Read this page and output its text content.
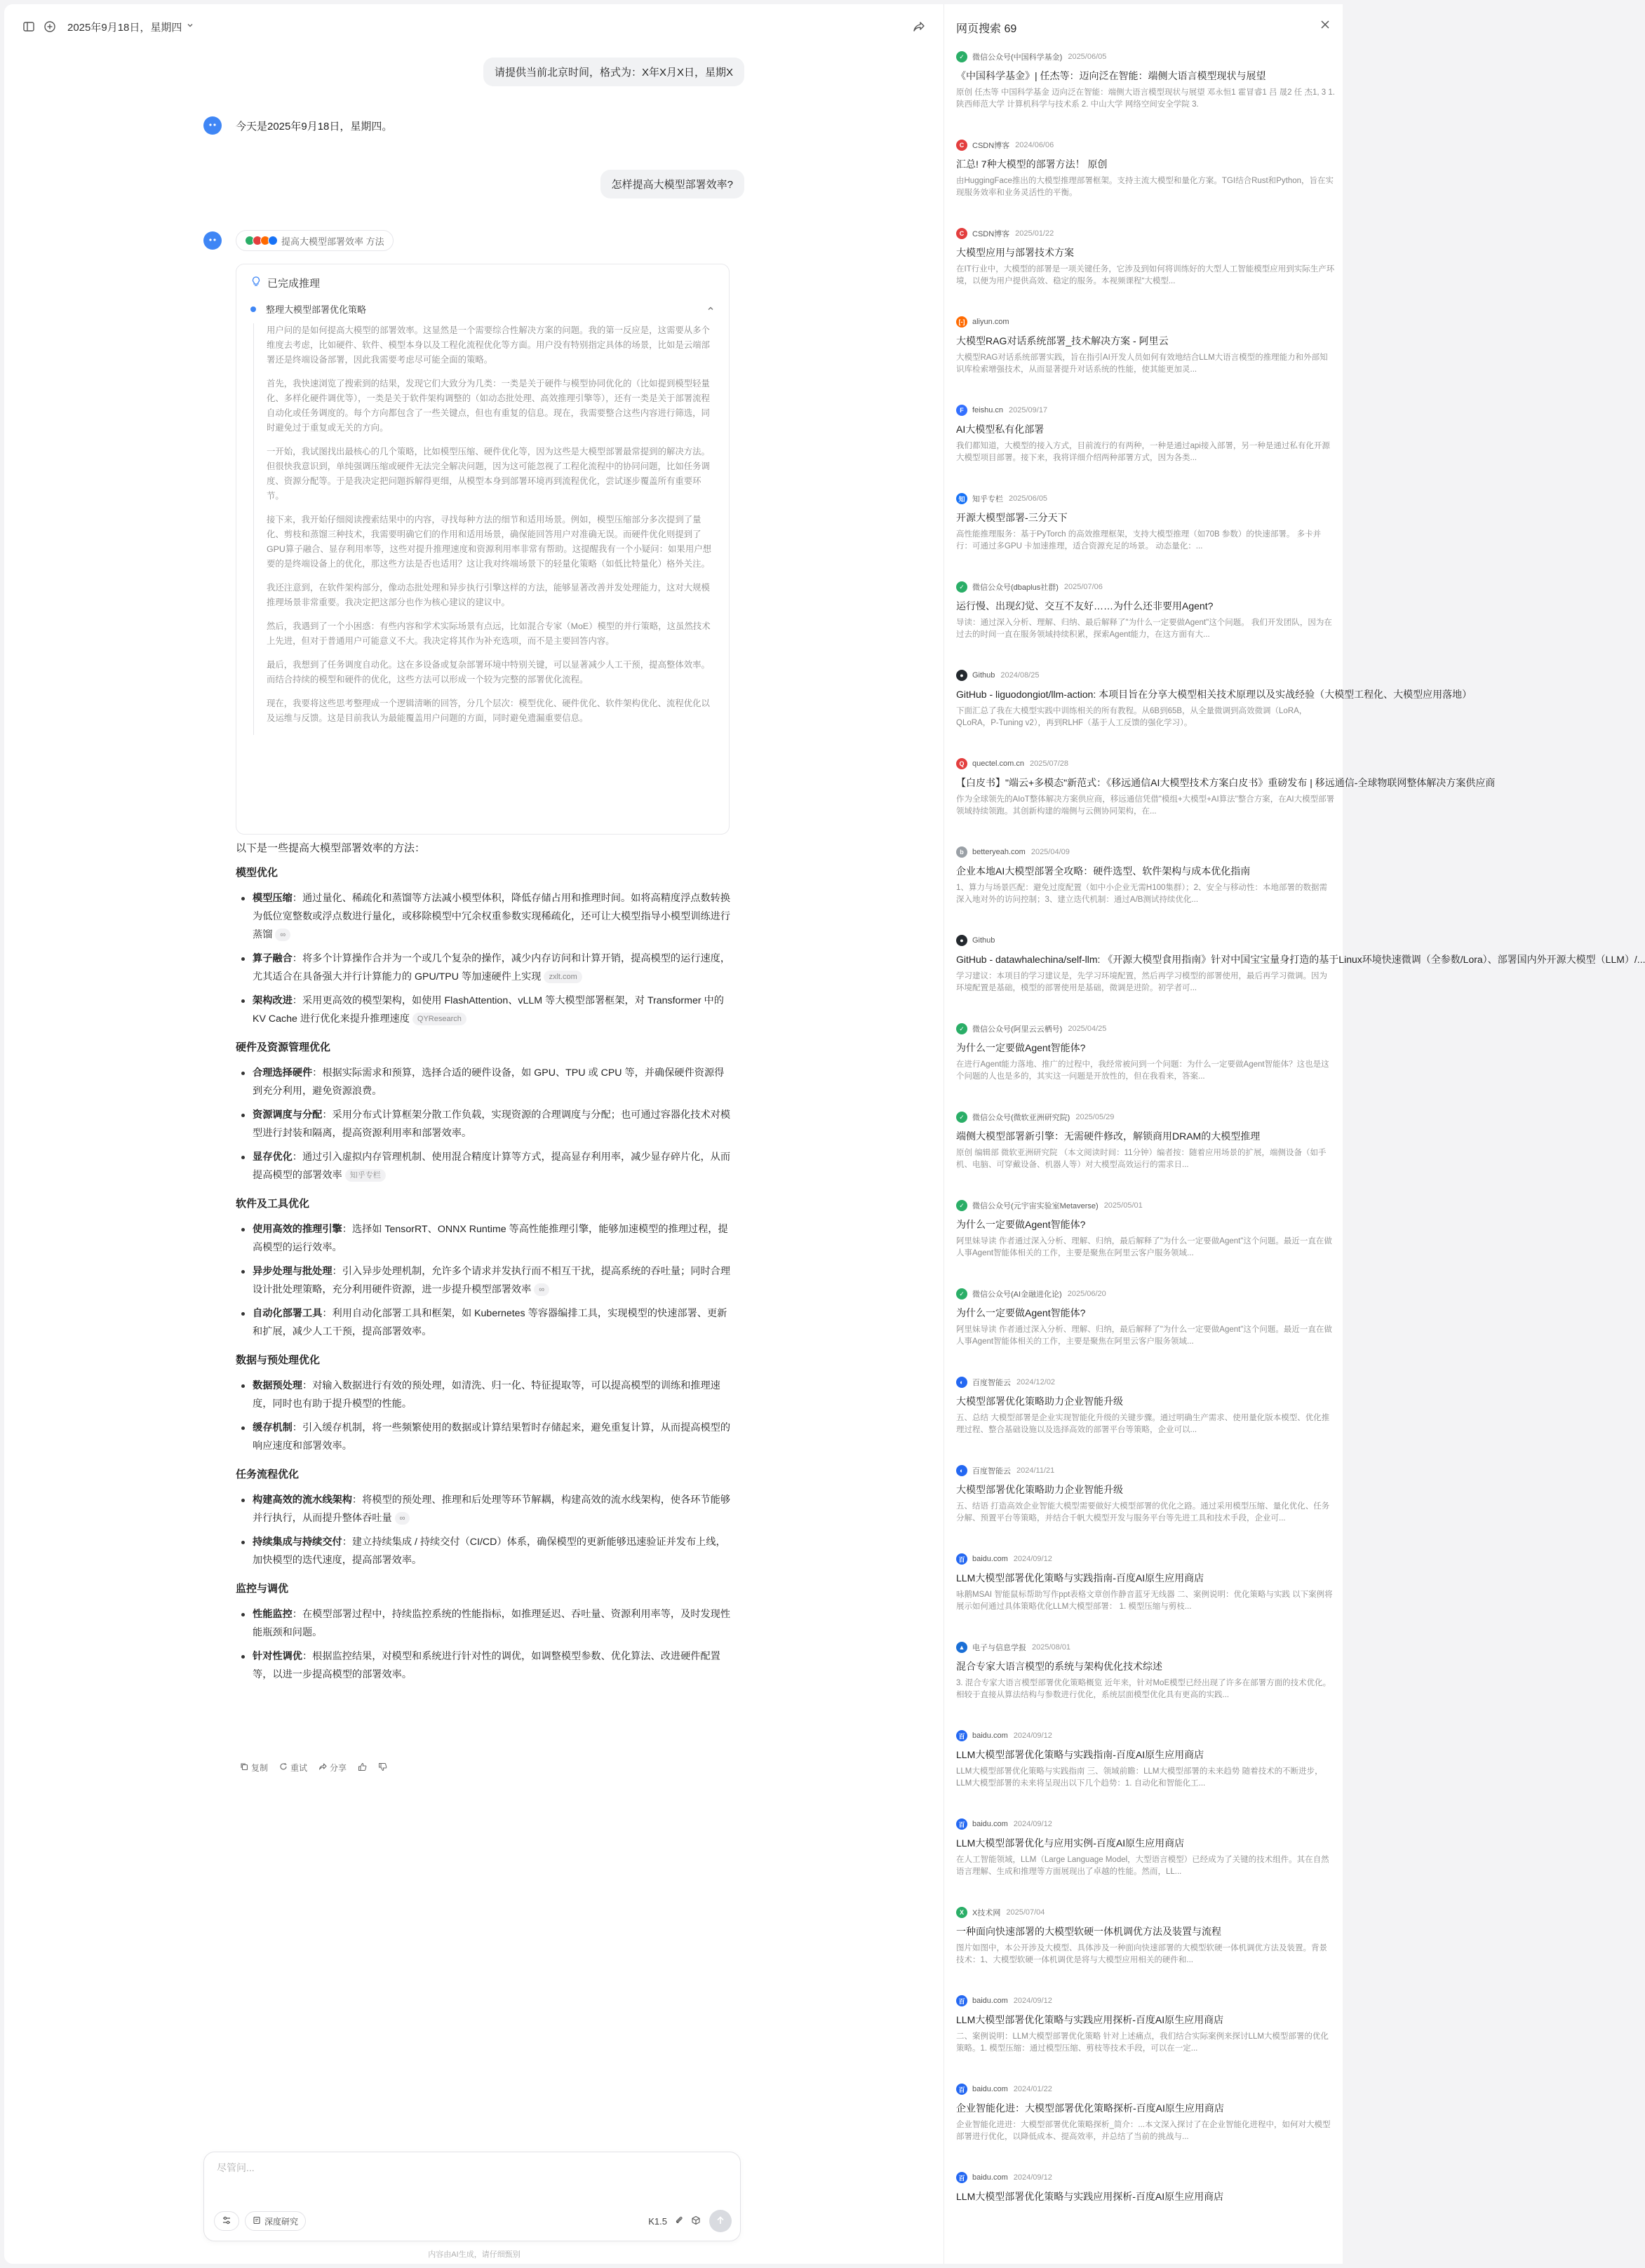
2025年9月18日，星期四
请提供当前北京时间，格式为：X年X月X日，星期X
今天是2025年9月18日，星期四。
怎样提高大模型部署效率?
提高大模型部署效率 方法
已完成推理
整理大模型部署优化策略

用户问的是如何提高大模型的部署效率。这显然是一个需要综合性解决方案的问题。我的第一反应是，这需要从多个维度去考虑，比如硬件、软件、模型本身以及工程化流程优化等方面。用户没有特别指定具体的场景，比如是云端部署还是终端设备部署，因此我需要考虑尽可能全面的策略。

首先，我快速浏览了搜索到的结果，发现它们大致分为几类：一类是关于硬件与模型协同优化的（比如提到模型轻量化、多样化硬件调优等），一类是关于软件架构调整的（如动态批处理、高效推理引擎等），还有一类是关于部署流程自动化或任务调度的。每个方向都包含了一些关键点，但也有重复的信息。现在，我需要整合这些内容进行筛选，同时避免过于重复或无关的方向。

一开始，我试图找出最核心的几个策略，比如模型压缩、硬件优化等，因为这些是大模型部署最常提到的解决方法。但很快我意识到，单纯强调压缩或硬件无法完全解决问题，因为这可能忽视了工程化流程中的协同问题，比如任务调度、资源分配等。于是我决定把问题拆解得更细，从模型本身到部署环境再到流程优化，尝试逐步覆盖所有重要环节。

接下来，我开始仔细阅读搜索结果中的内容，寻找每种方法的细节和适用场景。例如，模型压缩部分多次提到了量化、剪枝和蒸馏三种技术，我需要明确它们的作用和适用场景，确保能回答用户对准确无误。而硬件优化则提到了GPU算子融合、显存利用率等，这些对提升推理速度和资源利用率非常有帮助。这提醒我有一个小疑问：如果用户想要的是终端设备上的优化，那这些方法是否也适用？这让我对终端场景下的轻量化策略（如低比特量化）格外关注。

我还注意到，在软件架构部分，像动态批处理和异步执行引擎这样的方法，能够显著改善并发处理能力，这对大规模推理场景非常重要。我决定把这部分也作为核心建议的建议中。

然后，我遇到了一个小困惑：有些内容和学术实际场景有点远，比如混合专家（MoE）模型的并行策略，这虽然技术上先进，但对于普通用户可能意义不大。我决定将其作为补充选项，而不是主要回答内容。

最后，我想到了任务调度自动化。这在多设备或复杂部署环境中特别关键，可以显著减少人工干预，提高整体效率。而结合持续的模型和硬件的优化，这些方法可以形成一个较为完整的部署优化流程。

现在，我要将这些思考整理成一个逻辑清晰的回答，分几个层次：模型优化、硬件优化、软件架构优化、流程优化以及运维与反馈。这是目前我认为最能覆盖用户问题的方面，同时避免遗漏重要信息。

以下是一些提高大模型部署效率的方法：
模型优化
模型压缩：通过量化、稀疏化和蒸馏等方法减小模型体积，降低存储占用和推理时间。如将高精度浮点数转换为低位宽整数或浮点数进行量化，或移除模型中冗余权重参数实现稀疏化，还可让大模型指导小模型训练进行蒸馏 ∞
算子融合：将多个计算操作合并为一个或几个复杂的操作，减少内存访问和计算开销，提高模型的运行速度，尤其适合在具备强大并行计算能力的 GPU/TPU 等加速硬件上实现 zxlt.com
架构改进：采用更高效的模型架构，如使用 FlashAttention、vLLM 等大模型部署框架，对 Transformer 中的 KV Cache 进行优化来提升推理速度 QYResearch
硬件及资源管理优化
合理选择硬件：根据实际需求和预算，选择合适的硬件设备，如 GPU、TPU 或 CPU 等，并确保硬件资源得到充分利用，避免资源浪费。
资源调度与分配：采用分布式计算框架分散工作负载，实现资源的合理调度与分配；也可通过容器化技术对模型进行封装和隔离，提高资源利用率和部署效率。
显存优化：通过引入虚拟内存管理机制、使用混合精度计算等方式，提高显存利用率，减少显存碎片化，从而提高模型的部署效率 知乎专栏
软件及工具优化
使用高效的推理引擎：选择如 TensorRT、ONNX Runtime 等高性能推理引擎，能够加速模型的推理过程，提高模型的运行效率。
异步处理与批处理：引入异步处理机制，允许多个请求并发执行而不相互干扰，提高系统的吞吐量；同时合理设计批处理策略，充分利用硬件资源，进一步提升模型部署效率 ∞
自动化部署工具：利用自动化部署工具和框架，如 Kubernetes 等容器编排工具，实现模型的快速部署、更新和扩展，减少人工干预，提高部署效率。
数据与预处理优化
数据预处理：对输入数据进行有效的预处理，如清洗、归一化、特征提取等，可以提高模型的训练和推理速度，同时也有助于提升模型的性能。
缓存机制：引入缓存机制，将一些频繁使用的数据或计算结果暂时存储起来，避免重复计算，从而提高模型的响应速度和部署效率。
任务流程优化
构建高效的流水线架构：将模型的预处理、推理和后处理等环节解耦，构建高效的流水线架构，使各环节能够并行执行，从而提升整体吞吐量 ∞
持续集成与持续交付：建立持续集成 / 持续交付（CI/CD）体系，确保模型的更新能够迅速验证并发布上线，加快模型的迭代速度，提高部署效率。
监控与调优
性能监控：在模型部署过程中，持续监控系统的性能指标，如推理延迟、吞吐量、资源利用率等，及时发现性能瓶颈和问题。
针对性调优：根据监控结果，对模型和系统进行针对性的调优，如调整模型参数、优化算法、改进硬件配置等，以进一步提高模型的部署效率。
复制	重试	分享
尽管问...
深度研究	K1.5
内容由AI生成，请仔细甄别
网页搜索 69
✓	微信公众号(中国科学基金) 2025/06/05
《中国科学基金》| 任杰等：迈向泛在智能：端侧大语言模型现状与展望
原创 任杰等 中国科学基金 迈向泛在智能：端侧大语言模型现状与展望 邓永恒1 霍冒睿1 吕 晟2 任 杰1, 3 1. 陕西师范大学 计算机科学与技术系 2. 中山大学 网络空间安全学院 3.
C	CSDN博客 2024/06/06
汇总! 7种大模型的部署方法！ 原创
由HuggingFace推出的大模型推理部署框架。支持主流大模型和量化方案。TGI结合Rust和Python，旨在实现服务效率和业务灵活性的平衡。
C	CSDN博客 2025/01/22
大模型应用与部署技术方案
在IT行业中，大模型的部署是一项关键任务，它涉及到如何将训练好的大型人工智能模型应用到实际生产环境，以便为用户提供高效、稳定的服务。本视频课程“大模型...
[-] aliyun.com
大模型RAG对话系统部署_技术解决方案 - 阿里云
大模型RAG对话系统部署实践，旨在指引AI开发人员如何有效地结合LLM大语言模型的推理能力和外部知识库检索增强技术，从而显著提升对话系统的性能，使其能更加灵...
F	feishu.cn 2025/09/17
AI大模型私有化部署
我们都知道，大模型的接入方式，目前流行的有两种，一种是通过api接入部署，另一种是通过私有化开源大模型项目部署。接下来，我将详细介绍两种部署方式，因为各类...
知 知乎专栏 2025/06/05
开源大模型部署-三分天下
高性能推理服务：基于PyTorch 的高效推理框架，支持大模型推理（如70B 参数）的快速部署。 多卡并行：可通过多GPU 卡加速推理，适合资源充足的场景。 动态量化：...
✓	微信公众号(dbaplus社群) 2025/07/06
运行慢、出现幻觉、交互不友好……为什么还非要用Agent?
导读：通过深入分析、理解、归纳、最后解释了"为什么一定要做Agent"这个问题。 我们开发团队，因为在过去的时间一直在服务领域持续积累，探索Agent能力，在这方面有大...
●	Github 2024/08/25
GitHub - liguodongiot/llm-action: 本项目旨在分享大模型相关技术原理以及实战经验（大模型工程化、大模型应用落地）
下面汇总了我在大模型实践中训练相关的所有教程。从6B到65B，从全量微调到高效微调（LoRA，QLoRA，P-Tuning v2），再到RLHF（基于人工反馈的强化学习）。
Q	quectel.com.cn 2025/07/28
【白皮书】"端云+多模态"新范式：《移远通信AI大模型技术方案白皮书》重磅发布 | 移远通信-全球物联网整体解决方案供应商
作为全球领先的AIoT整体解决方案供应商，移远通信凭借"模组+大模型+AI算法"整合方案，在AI大模型部署领域持续领跑。其创新构建的端侧与云侧协同架构，在...
b	betteryeah.com 2025/04/09
企业本地AI大模型部署全攻略：硬件选型、软件架构与成本优化指南
1、算力与场景匹配：避免过度配置（如中小企业无需H100集群）；2、安全与移动性：本地部署的数据需深入地对外的访问控制；3、建立迭代机制：通过A/B测试持续优化...
●	Github
GitHub - datawhalechina/self-llm: 《开源大模型食用指南》针对中国宝宝量身打造的基于Linux环境快速微调（全参数/Lora）、部署国内外开源大模型（LLM）/...
学习建议：本项目的学习建议是，先学习环境配置，然后再学习模型的部署使用，最后再学习微调。因为环境配置是基础，模型的部署使用是基础，微调是进阶。初学者可...
✓	微信公众号(阿里云云栖号) 2025/04/25
为什么一定要做Agent智能体?
在进行Agent能力落地、推广的过程中，我经常被问到一个问题：为什么一定要做Agent智能体？这也是这个问题的人也是多的，其实这一问题是开放性的，但在我看来，答案...
✓	微信公众号(微软亚洲研究院) 2025/05/29
端侧大模型部署新引擎：无需硬件修改，解锁商用DRAM的大模型推理
原创 编辑部 微软亚洲研究院 （本文阅读时间：11分钟）编者按：随着应用场景的扩展，端侧设备（如手机、电脑、可穿戴设备、机器人等）对大模型高效运行的需求日...
✓	微信公众号(元宇宙实验室Metaverse) 2025/05/01
为什么一定要做Agent智能体?
阿里妹导读 作者通过深入分析、理解、归纳，最后解释了"为什么一定要做Agent"这个问题。最近一直在做人事Agent智能体相关的工作，主要是聚焦在阿里云客户服务领域...
✓	微信公众号(AI金融进化论) 2025/06/20
为什么一定要做Agent智能体?
阿里妹导读 作者通过深入分析、理解、归纳，最后解释了"为什么一定要做Agent"这个问题。最近一直在做人事Agent智能体相关的工作，主要是聚焦在阿里云客户服务领域...
◐	百度智能云 2024/12/02
大模型部署优化策略助力企业智能升级
五、总结 大模型部署是企业实现智能化升级的关键步骤。通过明确生产需求、使用量化版本模型、优化推理过程、整合基础设施以及选择高效的部署平台等策略，企业可以...
◐	百度智能云 2024/11/21
大模型部署优化策略助力企业智能升级
五、结语 打造高效企业智能大模型需要做好大模型部署的优化之路。通过采用模型压缩、量化优化、任务分解、预置平台等策略，并结合千帆大模型开发与服务平台等先进工具和技术手段，企业可...
百 baidu.com 2024/09/12
LLM大模型部署优化策略与实践指南-百度AI原生应用商店
咏鹅MSAI 智能鼠标帮助写作ppt表格文章创作静音蓝牙无线器 二、案例说明：优化策略与实践 以下案例将展示如何通过具体策略优化LLM大模型部署： 1. 模型压缩与剪枝...
▲ 电子与信息学报 2025/08/01
混合专家大语言模型的系统与架构优化技术综述
3. 混合专家大语言模型部署优化策略概览 近年来，针对MoE模型已经出现了许多在部署方面的技术优化。相较于直接从算法结构与参数进行优化，系统层面模型优化具有更高的实践...
百 baidu.com 2024/09/12
LLM大模型部署优化策略与实践指南-百度AI原生应用商店
LLM大模型部署优化策略与实践指南 三、领域前瞻：LLM大模型部署的未来趋势 随着技术的不断进步，LLM大模型部署的未来将呈现出以下几个趋势：1. 自动化和智能化工...
百 baidu.com 2024/09/12
LLM大模型部署优化与应用实例-百度AI原生应用商店
在人工智能领域，LLM（Large Language Model，大型语言模型）已经成为了关键的技术组件。其在自然语言理解、生成和推理等方面展现出了卓越的性能。然而，LL...
X	X技术网 2025/07/04
一种面向快速部署的大模型软硬一体机调优方法及装置与流程
图片如图中，本公开涉及大模型、具体涉及一种面向快速部署的大模型软硬一体机调优方法及装置。背景技术：1、大模型软硬一体机调优是将与大模型应用相关的硬件和...
百 baidu.com 2024/09/12
LLM大模型部署优化策略与实践应用探析-百度AI原生应用商店
二、案例说明：LLM大模型部署优化策略 针对上述痛点，我们结合实际案例来探讨LLM大模型部署的优化策略。1. 模型压缩：通过模型压缩、剪枝等技术手段，可以在一定...
百 baidu.com 2024/01/22
企业智能化进：大模型部署优化策略探析-百度AI原生应用商店
企业智能化进进：大模型部署优化策略探析_简介：...本文深入探讨了在企业智能化进程中，如何对大模型部署进行优化，以降低成本、提高效率，并总结了当前的挑战与...
百 baidu.com 2024/09/12
LLM大模型部署优化策略与实践应用探析-百度AI原生应用商店
